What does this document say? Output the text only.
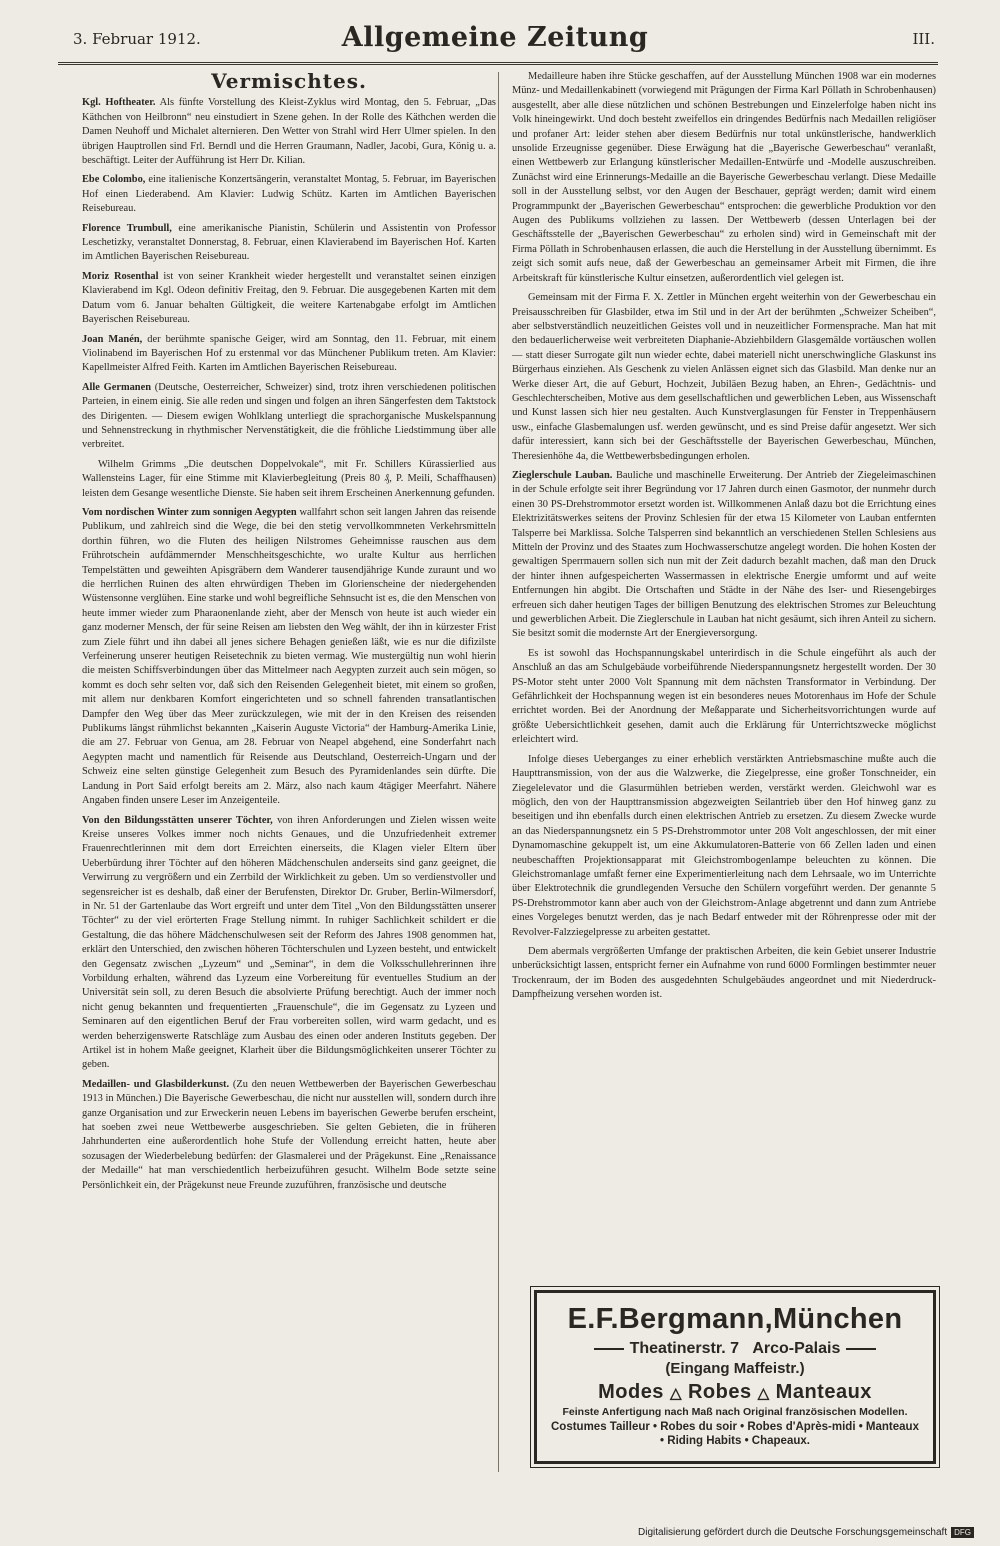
3. Februar 1912.	Allgemeine Zeitung	III.
Vermischtes.

Kgl. Hoftheater. Als fünfte Vorstellung des Kleist-Zyklus wird Montag, den 5. Februar, „Das Käthchen von Heilbronn“ neu einstudiert in Szene gehen. In der Rolle des Käthchen werden die Damen Neuhoff und Michalet alternieren. Den Wetter von Strahl wird Herr Ulmer spielen. In den übrigen Hauptrollen sind Frl. Berndl und die Herren Graumann, Nadler, Jacobi, Gura, König u. a. beschäftigt. Leiter der Aufführung ist Herr Dr. Kilian.

Ebe Colombo, eine italienische Konzertsängerin, veranstaltet Montag, 5. Februar, im Bayerischen Hof einen Liederabend. Am Klavier: Ludwig Schütz. Karten im Amtlichen Bayerischen Reisebureau.

Florence Trumbull, eine amerikanische Pianistin, Schülerin und Assistentin von Professor Leschetizky, veranstaltet Donnerstag, 8. Februar, einen Klavierabend im Bayerischen Hof. Karten im Amtlichen Bayerischen Reisebureau.

Moriz Rosenthal ist von seiner Krankheit wieder hergestellt und veranstaltet seinen einzigen Klavierabend im Kgl. Odeon definitiv Freitag, den 9. Februar. Die ausgegebenen Karten mit dem Datum vom 6. Januar behalten Gültigkeit, die weitere Kartenabgabe erfolgt im Amtlichen Bayerischen Reisebureau.

Joan Manén, der berühmte spanische Geiger, wird am Sonntag, den 11. Februar, mit einem Violinabend im Bayerischen Hof zu erstenmal vor das Münchener Publikum treten. Am Klavier: Kapellmeister Alfred Feith. Karten im Amtlichen Bayerischen Reisebureau.

Alle Germanen (Deutsche, Oesterreicher, Schweizer) sind, trotz ihren verschiedenen politischen Parteien, in einem einig. Sie alle reden und singen und folgen an ihren Sängerfesten dem Taktstock des Dirigenten. — Diesem ewigen Wohlklang unterliegt die sprachorganische Muskelspannung und Sehnenstreckung in rhythmischer Nervenstätigkeit, die die fröhliche Liedstimmung über alle verbreitet.

Wilhelm Grimms „Die deutschen Doppelvokale“, mit Fr. Schillers Kürassierlied aus Wallensteins Lager, für eine Stimme mit Klavierbegleitung (Preis 80 ₰, P. Meili, Schaffhausen) leisten dem Gesange wesentliche Dienste. Sie haben seit ihrem Erscheinen Anerkennung gefunden.

Vom nordischen Winter zum sonnigen Aegypten wallfahrt schon seit langen Jahren das reisende Publikum, und zahlreich sind die Wege, die bei den stetig vervollkommneten Verkehrsmitteln dorthin führen, wo die Fluten des heiligen Nilstromes Geheimnisse rauschen aus dem Frührotschein aufdämmernder Menschheitsgeschichte, wo uralte Kultur aus herrlichen Tempelstätten und geweihten Apisgräbern dem Wanderer tausendjährige Kunde zuraunt und wo die herrlichen Ruinen des alten ehrwürdigen Theben im Glorienscheine der niedergehenden Wüstensonne verglühen. Eine starke und wohl begreifliche Sehnsucht ist es, die den Menschen von heute immer wieder zum Pharaonenlande zieht, aber der Mensch von heute ist auch wieder ein ganz moderner Mensch, der für seine Reisen am liebsten den Weg wählt, der ihn in kürzester Frist zum Ziele führt und ihn dabei all jenes sichere Behagen genießen läßt, wie es nur die difizilste Verfeinerung unserer heutigen Reisetechnik zu bieten vermag. Wie mustergültig nun wohl hierin die meisten Schiffsverbindungen über das Mittelmeer nach Aegypten zurzeit auch sein mögen, so kommt es doch sehr selten vor, daß sich den Reisenden Gelegenheit bietet, mit einem so großen, mit allem nur denkbaren Komfort eingerichteten und so schnell fahrenden transatlantischen Dampfer den Weg über das Meer zurückzulegen, wie mit der in den Kreisen des reisenden Publikums längst rühmlichst bekannten „Kaiserin Auguste Victoria“ der Hamburg-Amerika Linie, die am 27. Februar von Genua, am 28. Februar von Neapel abgehend, eine Sonderfahrt nach Aegypten macht und namentlich für Reisende aus Deutschland, Oesterreich-Ungarn und der Schweiz eine selten günstige Gelegenheit zum Besuch des Pyramidenlandes sein dürfte. Die Landung in Port Said erfolgt bereits am 2. März, also nach kaum 4tägiger Meerfahrt. Nähere Angaben finden unsere Leser im Anzeigenteile.

Von den Bildungsstätten unserer Töchter, von ihren Anforderungen und Zielen wissen weite Kreise unseres Volkes immer noch nichts Genaues, und die Unzufriedenheit extremer Frauenrechtlerinnen mit dem dort Erreichten einerseits, die Klagen vieler Eltern über Ueberbürdung ihrer Töchter auf den höheren Mädchenschulen anderseits sind ganz geeignet, die Verwirrung zu vergrößern und ein Zerrbild der Wirklichkeit zu geben. Um so verdienstvoller und segensreicher ist es deshalb, daß einer der Berufensten, Direktor Dr. Gruber, Berlin-Wilmersdorf, in Nr. 51 der Gartenlaube das Wort ergreift und unter dem Titel „Von den Bildungsstätten unserer Töchter“ zu der viel erörterten Frage Stellung nimmt. In ruhiger Sachlichkeit schildert er die Gestaltung, die das höhere Mädchenschulwesen seit der Reform des Jahres 1908 genommen hat, erklärt den Unterschied, den zwischen höheren Töchterschulen und Lyzeen besteht, und entwickelt den Gegensatz zwischen „Lyzeum“ und „Seminar“, in dem die Volksschullehrerinnen ihre Vorbildung erhalten, während das Lyzeum eine Vorbereitung für eventuelles Studium an der Universität sein soll, zu deren Besuch die absolvierte Prüfung berechtigt. Auch der immer noch nicht genug bekannten und frequentierten „Frauenschule“, die im Gegensatz zu Lyzeen und Seminaren auf den eigentlichen Beruf der Frau vorbereiten sollen, wird warm gedacht, und es werden beherzigenswerte Ratschläge zum Ausbau des einen oder anderen Instituts gegeben. Der Artikel ist in hohem Maße geeignet, Klarheit über die Bildungsmöglichkeiten unserer Töchter zu geben.

Medaillen- und Glasbilderkunst. (Zu den neuen Wettbewerben der Bayerischen Gewerbeschau 1913 in München.) Die Bayerische Gewerbeschau, die nicht nur ausstellen will, sondern durch ihre ganze Organisation und zur Erweckerin neuen Lebens im bayerischen Gewerbe berufen erscheint, hat soeben zwei neue Wettbewerbe ausgeschrieben. Sie gelten Gebieten, die in früheren Jahrhunderten eine außerordentlich hohe Stufe der Vollendung erreicht hatten, heute aber sozusagen der Wiederbelebung bedürfen: der Glasmalerei und der Prägekunst. Eine „Renaissance der Medaille“ hat man verschiedentlich herbeizuführen gesucht. Wilhelm Bode setzte seine Persönlichkeit ein, der Prägekunst neue Freunde zuzuführen, französische und deutsche

Medailleure haben ihre Stücke geschaffen, auf der Ausstellung München 1908 war ein modernes Münz- und Medaillenkabinett (vorwiegend mit Prägungen der Firma Karl Pöllath in Schrobenhausen) ausgestellt, aber alle diese nützlichen und schönen Bestrebungen und Einzelerfolge haben nicht ins Volk hineingewirkt. Und doch besteht zweifellos ein dringendes Bedürfnis nach Medaillen religiöser und profaner Art: leider stehen aber diesem Bedürfnis nur total unkünstlerische, handwerklich unsolide Erzeugnisse gegenüber. Diese Erwägung hat die „Bayerische Gewerbeschau“ veranlaßt, einen Wettbewerb zur Erlangung künstlerischer Medaillen-Entwürfe und -Modelle auszuschreiben. Zunächst wird eine Erinnerungs-Medaille an die Bayerische Gewerbeschau verlangt. Diese Medaille soll in der Ausstellung selbst, vor den Augen der Beschauer, geprägt werden; damit wird einem Programmpunkt der „Bayerischen Gewerbeschau“ entsprochen: die gewerbliche Produktion vor den Augen des Publikums vollziehen zu lassen. Der Wettbewerb (dessen Unterlagen bei der Geschäftsstelle der „Bayerischen Gewerbeschau“ zu erholen sind) wird in Gemeinschaft mit der Firma Pöllath in Schrobenhausen erlassen, die auch die Herstellung in der Ausstellung übernimmt. Es zeigt sich somit aufs neue, daß der Gewerbeschau an gemeinsamer Arbeit mit Firmen, die ihre Arbeitskraft für künstlerische Kultur einsetzen, außerordentlich viel gelegen ist.

Gemeinsam mit der Firma F. X. Zettler in München ergeht weiterhin von der Gewerbeschau ein Preisausschreiben für Glasbilder, etwa im Stil und in der Art der berühmten „Schweizer Scheiben“, aber selbstverständlich neuzeitlichen Geistes voll und in neuzeitlicher Formensprache. Man hat mit den bedauerlicherweise weit verbreiteten Diaphanie-Abziehbildern Glasgemälde vortäuschen wollen — statt dieser Surrogate gilt nun wieder echte, dabei materiell nicht unerschwingliche Glaskunst ins Bürgerhaus einziehen. Als Geschenk zu vielen Anlässen eignet sich das Glasbild. Man denke nur an Werke dieser Art, die auf Geburt, Hochzeit, Jubiläen Bezug haben, an Ehren-, Gedächtnis- und Geschlechterscheiben, Motive aus dem gesellschaftlichen und gewerblichen Leben, aus Wissenschaft und Kunst lassen sich hier neu gestalten. Auch Kunstverglasungen für Fenster in Treppenhäusern usw., einfache Glasbemalungen usf. werden gewünscht, und es sind Preise dafür angesetzt. Wer sich dafür interessiert, kann sich bei der Geschäftsstelle der Bayerischen Gewerbeschau, München, Theresienhöhe 4a, die Wettbewerbsbedingungen erholen.

Zieglerschule Lauban. Bauliche und maschinelle Erweiterung. Der Antrieb der Ziegeleimaschinen in der Schule erfolgte seit ihrer Begründung vor 17 Jahren durch einen Gasmotor, der nunmehr durch einen 30 PS-Drehstrommotor ersetzt worden ist. Willkommenen Anlaß dazu bot die Errichtung eines Elektrizitätswerkes seitens der Provinz Schlesien für der etwa 15 Kilometer von Lauban entfernten Talsperre bei Marklissa. Solche Talsperren sind bekanntlich an verschiedenen Stellen Schlesiens aus Mitteln der Provinz und des Staates zum Hochwasserschutze angelegt worden. Die hohen Kosten der gewaltigen Sperrmauern sollen sich nun mit der Zeit dadurch bezahlt machen, daß man den Druck der hinter ihnen aufgespeicherten Wassermassen in elektrische Energie umformt und auf weite Entfernungen hin abgibt. Die Ortschaften und Städte in der Nähe des Iser- und Riesengebirges erfreuen sich daher heutigen Tages der billigen Benutzung des elektrischen Stromes zur Beleuchtung und gewerblichen Arbeit. Die Zieglerschule in Lauban hat nicht gesäumt, sich ihren Anteil zu sichern. Sie besitzt somit die modernste Art der Energieversorgung.

Es ist sowohl das Hochspannungskabel unterirdisch in die Schule eingeführt als auch der Anschluß an das am Schulgebäude vorbeiführende Niederspannungsnetz hergestellt worden. Der 30 PS-Motor steht unter 2000 Volt Spannung mit dem nächsten Transformator in Verbindung. Der Gefährlichkeit der Hochspannung wegen ist ein besonderes neues Motorenhaus im Hofe der Schule errichtet worden. Bei der Anordnung der Meßapparate und Sicherheitsvorrichtungen wurde auf größte Uebersichtlichkeit gesehen, damit auch die Erklärung für Unterrichtszwecke möglichst erleichtert wird.

Infolge dieses Ueberganges zu einer erheblich verstärkten Antriebsmaschine mußte auch die Haupttransmission, von der aus die Walzwerke, die Ziegelpresse, eine großer Tonschneider, ein Ziegelelevator und die Glasurmühlen betrieben werden, verstärkt werden. Gleichwohl war es möglich, den von der Haupttransmission abgezweigten Seilantrieb über den Hof hinweg ganz zu beseitigen und ihn ebenfalls durch einen elektrischen Antrieb zu ersetzen. Zu diesem Zwecke wurde an das Niederspannungsnetz ein 5 PS-Drehstrommotor unter 208 Volt angeschlossen, der mit einer Dynamomaschine gekuppelt ist, um eine Akkumulatoren-Batterie von 66 Zellen laden und einen neubeschafften Projektionsapparat mit Gleichstrombogenlampe beleuchten zu können. Die Gleichstromanlage umfaßt ferner eine Experimentierleitung nach dem Lehrsaale, wo im Unterrichte über Elektrotechnik die grundlegenden Versuche den Schülern vorgeführt werden. Der genannte 5 PS-Drehstrommotor kann aber auch von der Gleichstrom-Anlage abgetrennt und dann zum Antriebe eines Vorgeleges benutzt werden, das je nach Bedarf entweder mit der Röhrenpresse oder mit der Revolver-Falzziegelpresse zu arbeiten gestattet.

Dem abermals vergrößerten Umfange der praktischen Arbeiten, die kein Gebiet unserer Industrie unberücksichtigt lassen, entspricht ferner ein Aufnahme von rund 6000 Formlingen bestimmter neuer Trockenraum, der im Boden des ausgedehnten Schulgebäudes angeordnet und mit Niederdruck-Dampfheizung versehen worden ist.

E.F.Bergmann,München
Theatinerstr. 7 Arco-Palais
(Eingang Maffeistr.)
Modes △ Robes △ Manteaux
Feinste Anfertigung nach Maß nach Original französischen Modellen.
Costumes Tailleur • Robes du soir • Robes d'Après-midi • Manteaux • Riding Habits • Chapeaux.
Digitalisierung gefördert durch die Deutsche Forschungsgemeinschaft DFG
